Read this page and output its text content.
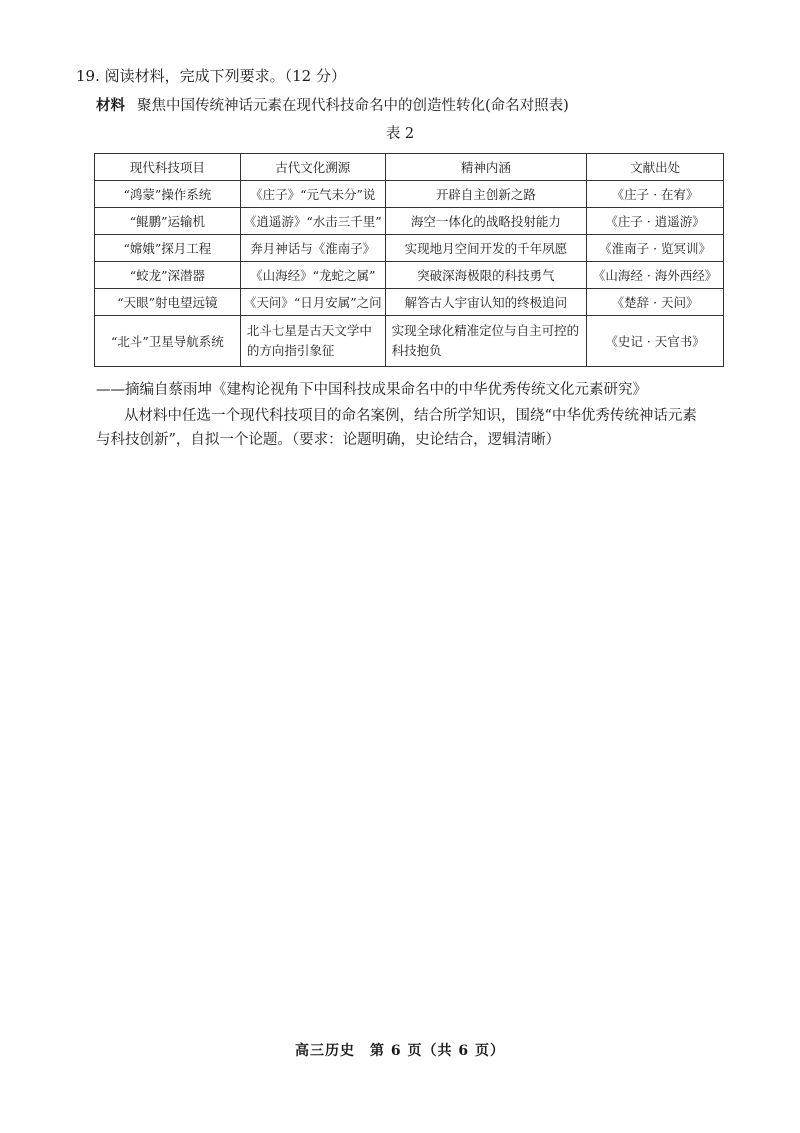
19. 阅读材料，完成下列要求。（12 分）
材料 聚焦中国传统神话元素在现代科技命名中的创造性转化(命名对照表)
表 2
现代科技项目	古代文化溯源	精神内涵	文献出处
“鸿蒙”操作系统	《庄子》“元气未分”说	开辟自主创新之路	《庄子 · 在宥》
“鲲鹏”运输机	《逍遥游》“水击三千里”	海空一体化的战略投射能力	《庄子 · 逍遥游》
“嫦娥”探月工程	奔月神话与《淮南子》	实现地月空间开发的千年夙愿	《淮南子 · 览冥训》
“蛟龙”深潜器	《山海经》“龙蛇之属”	突破深海极限的科技勇气	《山海经 · 海外西经》
“天眼”射电望远镜	《天问》“日月安属”之问	解答古人宇宙认知的终极追问	《楚辞 · 天问》
“北斗”卫星导航系统	北斗七星是古天文学中的方向指引象征	实现全球化精准定位与自主可控的科技抱负	《史记 · 天官书》
——摘编自蔡雨坤《建构论视角下中国科技成果命名中的中华优秀传统文化元素研究》
从材料中任选一个现代科技项目的命名案例，结合所学知识，围绕“中华优秀传统神话元素与科技创新”，自拟一个论题。（要求：论题明确，史论结合，逻辑清晰）
高三历史　第 6 页（共 6 页）
